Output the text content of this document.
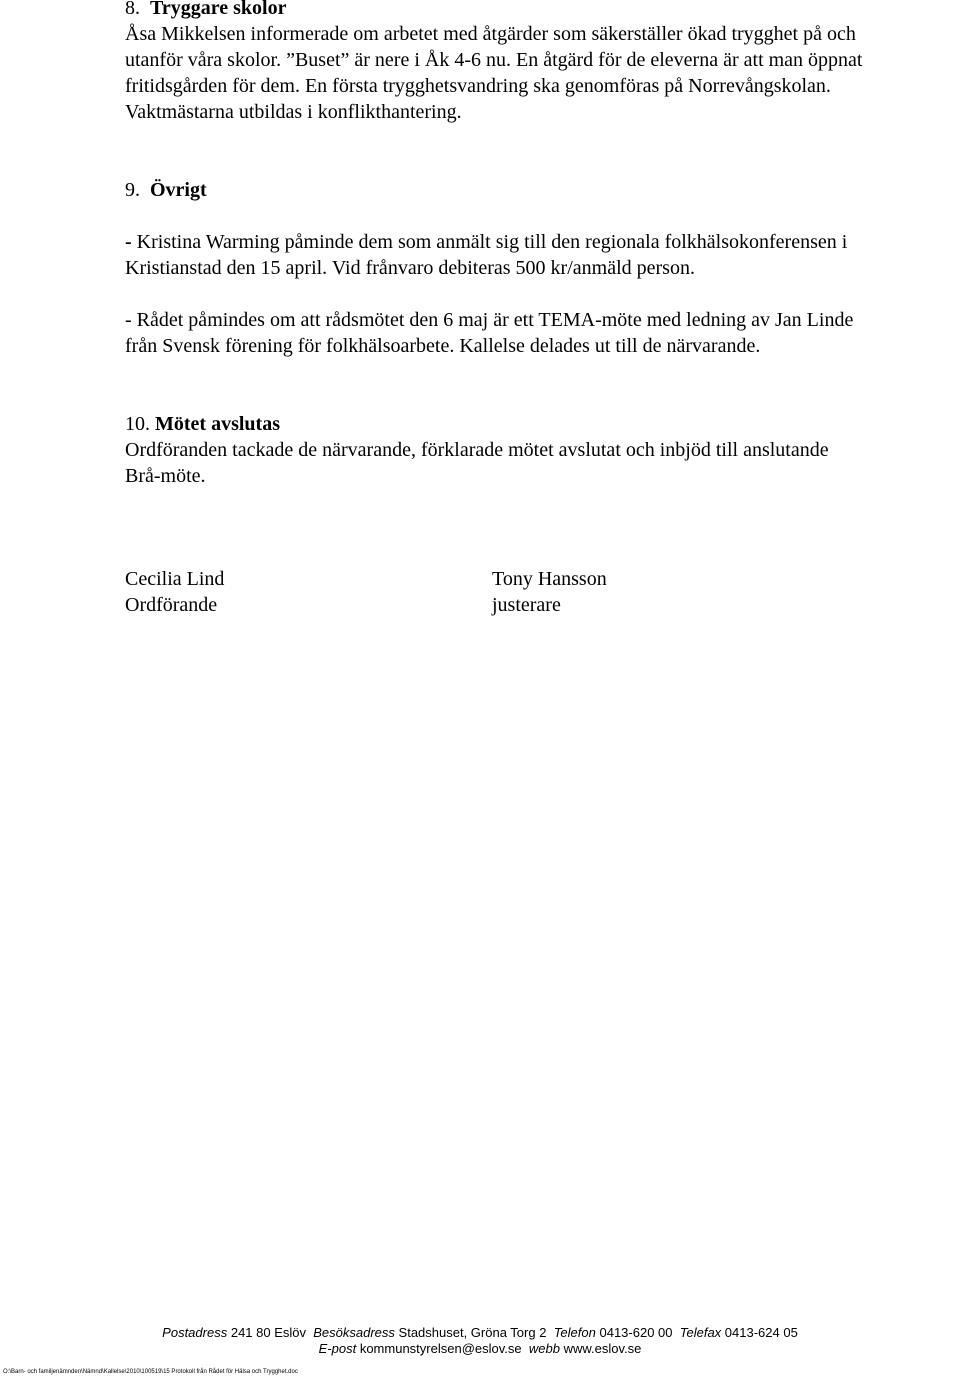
8. Tryggare skolor
Åsa Mikkelsen informerade om arbetet med åtgärder som säkerställer ökad trygghet på och
utanför våra skolor. ”Buset” är nere i Åk 4-6 nu. En åtgärd för de eleverna är att man öppnat
fritidsgården för dem. En första trygghetsvandring ska genomföras på Norrevångskolan.
Vaktmästarna utbildas i konflikthantering.
9. Övrigt
- Kristina Warming påminde dem som anmält sig till den regionala folkhälsokonferensen i
Kristianstad den 15 april. Vid frånvaro debiteras 500 kr/anmäld person.
- Rådet påmindes om att rådsmötet den 6 maj är ett TEMA-möte med ledning av Jan Linde
från Svensk förening för folkhälsoarbete. Kallelse delades ut till de närvarande.
10. Mötet avslutas
Ordföranden tackade de närvarande, förklarade mötet avslutat och inbjöd till anslutande
Brå-möte.
Cecilia Lind
Ordförande
Tony Hansson
justerare
Postadress 241 80 Eslöv Besöksadress Stadshuset, Gröna Torg 2 Telefon 0413-620 00 Telefax 0413-624 05
E-post kommunstyrelsen@eslov.se webb www.eslov.se
O:\Barn- och familjenämnden\Nämnd\Kallelse\2010\100519\15 Protokoll från Rådet för Hälsa och Trygghet.doc
